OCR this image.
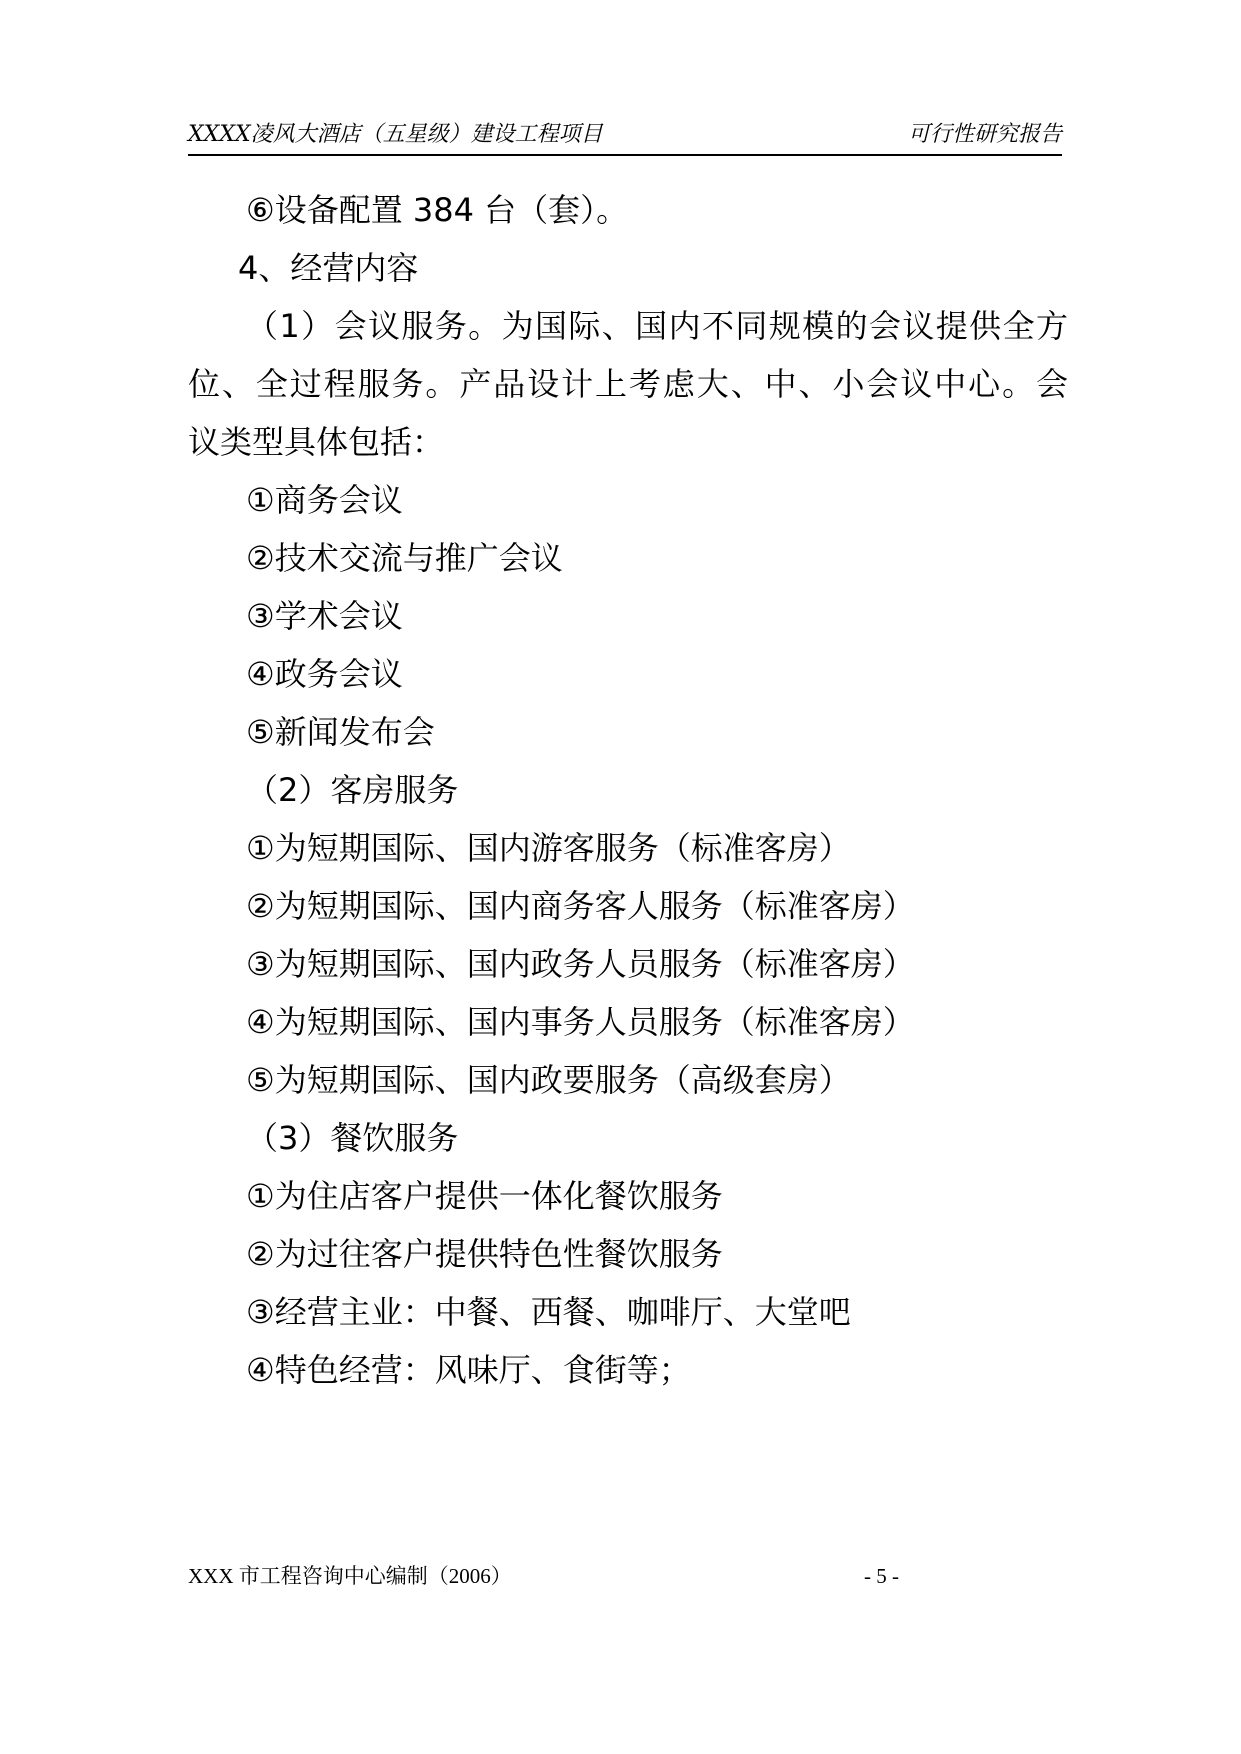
XXXX凌风大酒店（五星级）建设工程项目	可行性研究报告
⑥设备配置 384 台（套）。
4、经营内容
（1）会议服务。为国际、国内不同规模的会议提供全方
位、全过程服务。产品设计上考虑大、中、小会议中心。会
议类型具体包括：
①商务会议
②技术交流与推广会议
③学术会议
④政务会议
⑤新闻发布会
（2）客房服务
①为短期国际、国内游客服务（标准客房）
②为短期国际、国内商务客人服务（标准客房）
③为短期国际、国内政务人员服务（标准客房）
④为短期国际、国内事务人员服务（标准客房）
⑤为短期国际、国内政要服务（高级套房）
（3）餐饮服务
①为住店客户提供一体化餐饮服务
②为过往客户提供特色性餐饮服务
③经营主业：中餐、西餐、咖啡厅、大堂吧
④特色经营：风味厅、食街等；
XXX 市工程咨询中心编制（2006）	- 5 -
